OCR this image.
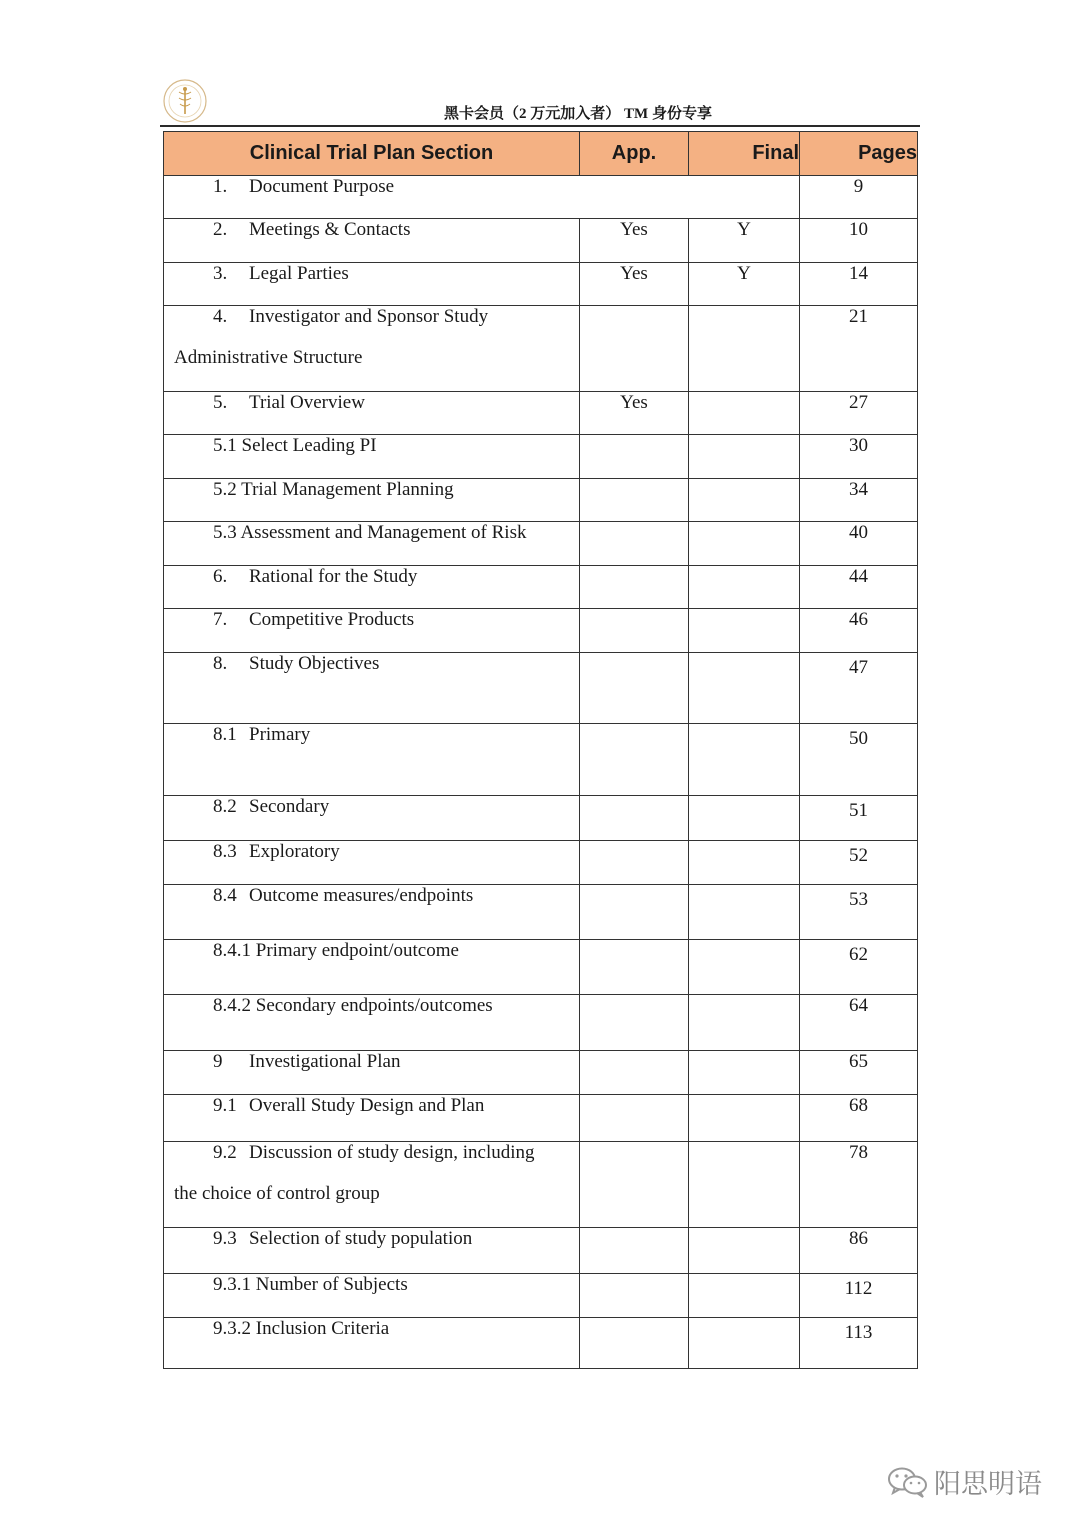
黑卡会员（2 万元加入者） TM 身份专享
Clinical Trial Plan Section	App.	Final	Pages

1. Document Purpose			9

2. Meetings & Contacts	Yes	Y	10

3. Legal Parties	Yes	Y	14

4. Investigator and Sponsor Study
Administrative Structure			21

5. Trial Overview	Yes		27

5.1 Select Leading PI			30

5.2 Trial Management Planning			34

5.3 Assessment and Management of Risk			40

6. Rational for the Study			44

7. Competitive Products			46

8. Study Objectives			47

8.1 Primary			50

8.2 Secondary			51

8.3 Exploratory			52

8.4 Outcome measures/endpoints			53

8.4.1 Primary endpoint/outcome			62

8.4.2 Secondary endpoints/outcomes			64

9 Investigational Plan			65

9.1 Overall Study Design and Plan			68

9.2 Discussion of study design, including
the choice of control group			78

9.3 Selection of study population			86

9.3.1 Number of Subjects			112

9.3.2 Inclusion Criteria			113
阳思明语
